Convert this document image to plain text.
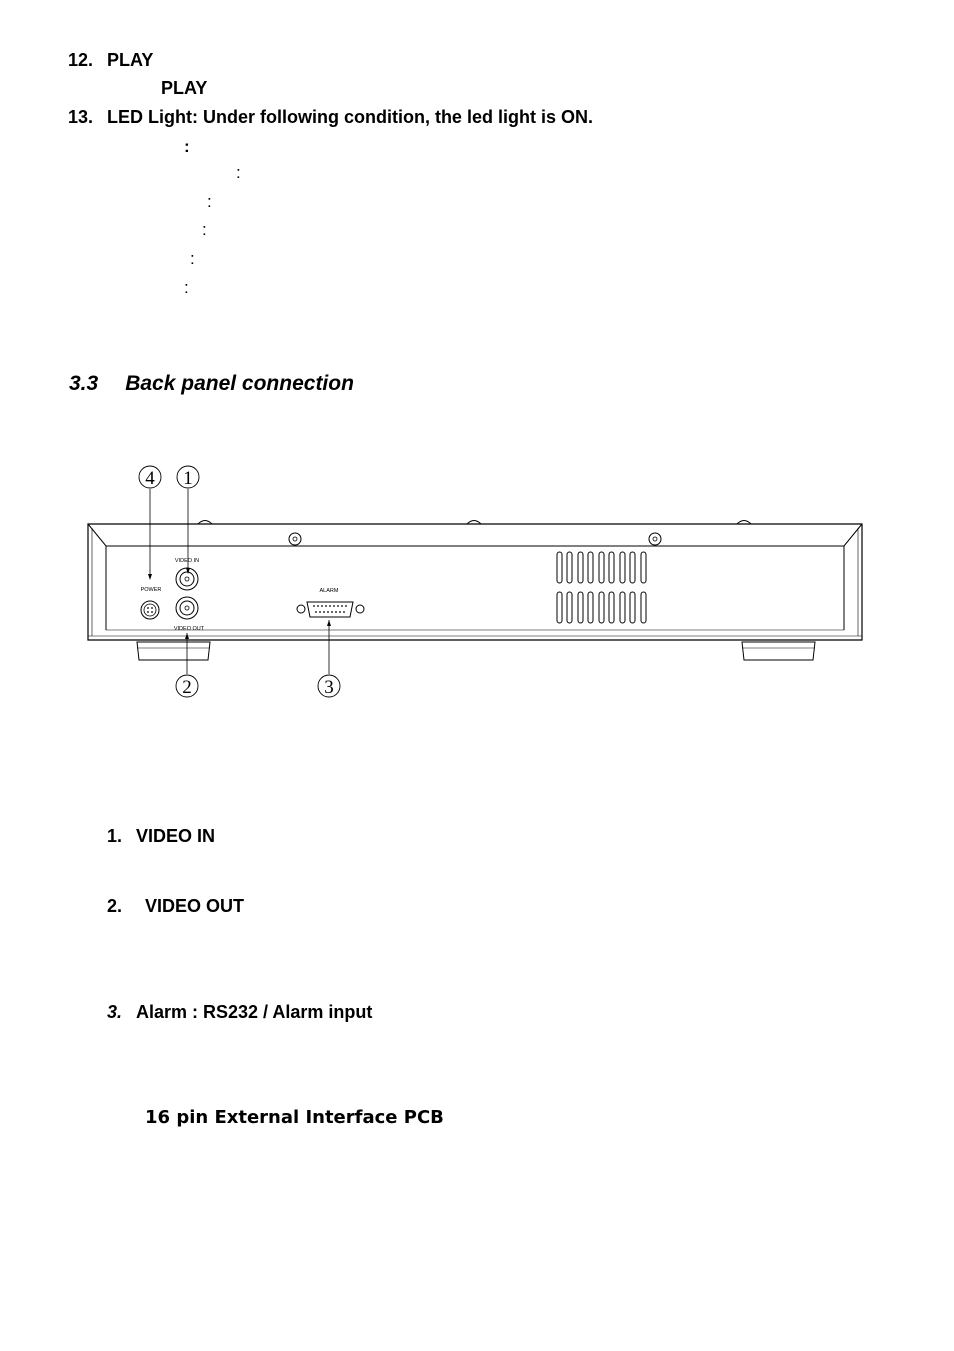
12. PLAY
PLAY
13. LED Light: Under following condition, the led light is ON.
:
:
:
:
:
:
3.3 Back panel connection
VIDEO IN
POWER
VIDEO OUT
ALARM
4 1
2	3
1. VIDEO IN
2. VIDEO OUT
3. Alarm : RS232 / Alarm input
16 pin External Interface PCB
